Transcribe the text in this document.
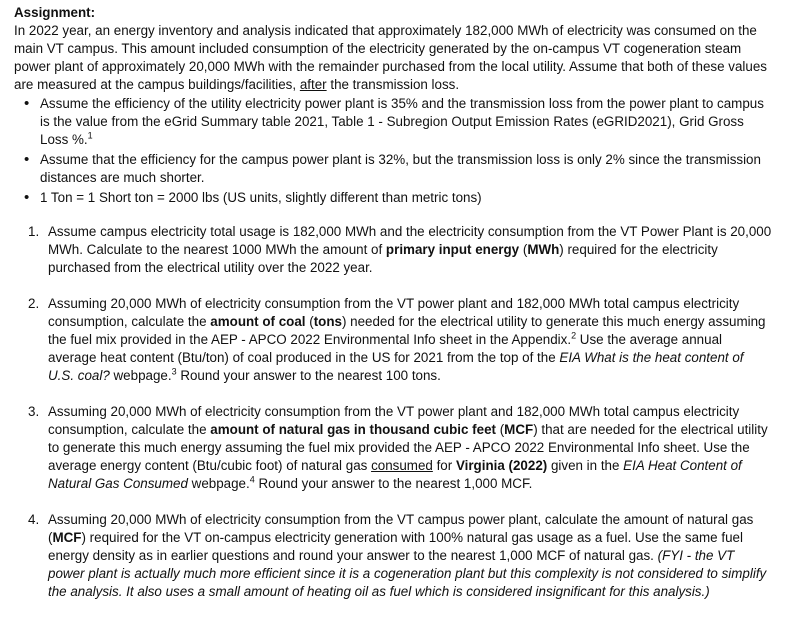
Assignment:

In 2022 year, an energy inventory and analysis indicated that approximately 182,000 MWh of electricity was consumed on the main VT campus. This amount included consumption of the electricity generated by the on-campus VT cogeneration steam power plant of approximately 20,000 MWh with the remainder purchased from the local utility. Assume that both of these values are measured at the campus buildings/facilities, after the transmission loss.

• Assume the efficiency of the utility electricity power plant is 35% and the transmission loss from the power plant to campus is the value from the eGrid Summary table 2021, Table 1 - Subregion Output Emission Rates (eGRID2021), Grid Gross Loss %.$^1$
• Assume that the efficiency for the campus power plant is 32%, but the transmission loss is only 2% since the transmission distances are much shorter.
• 1 Ton = 1 Short ton = 2000 lbs (US units, slightly different than metric tons)
1. Assume campus electricity total usage is 182,000 MWh and the electricity consumption from the VT Power Plant is 20,000 MWh. Calculate to the nearest 1000 MWh the amount of primary input energy (MWh) required for the electricity purchased from the electrical utility over the 2022 year.
2. Assuming 20,000 MWh of electricity consumption from the VT power plant and 182,000 MWh total campus electricity consumption, calculate the amount of coal (tons) needed for the electrical utility to generate this much energy assuming the fuel mix provided in the AEP - APCO 2022 Environmental Info sheet in the Appendix.$^2$ Use the average annual average heat content (Btu/ton) of coal produced in the US for 2021 from the top of the EIA What is the heat content of U.S. coal? webpage.$^3$ Round your answer to the nearest 100 tons.
3. Assuming 20,000 MWh of electricity consumption from the VT power plant and 182,000 MWh total campus electricity consumption, calculate the amount of natural gas in thousand cubic feet (MCF) that are needed for the electrical utility to generate this much energy assuming the fuel mix provided the AEP - APCO 2022 Environmental Info sheet. Use the average energy content (Btu/cubic foot) of natural gas consumed for Virginia (2022) given in the EIA Heat Content of Natural Gas Consumed webpage.$^4$ Round your answer to the nearest 1,000 MCF.
4. Assuming 20,000 MWh of electricity consumption from the VT campus power plant, calculate the amount of natural gas (MCF) required for the VT on-campus electricity generation with 100% natural gas usage as a fuel. Use the same fuel energy density as in earlier questions and round your answer to the nearest 1,000 MCF of natural gas. (FYI - the VT power plant is actually much more efficient since it is a cogeneration plant but this complexity is not considered to simplify the analysis. It also uses a small amount of heating oil as fuel which is considered insignificant for this analysis.)
